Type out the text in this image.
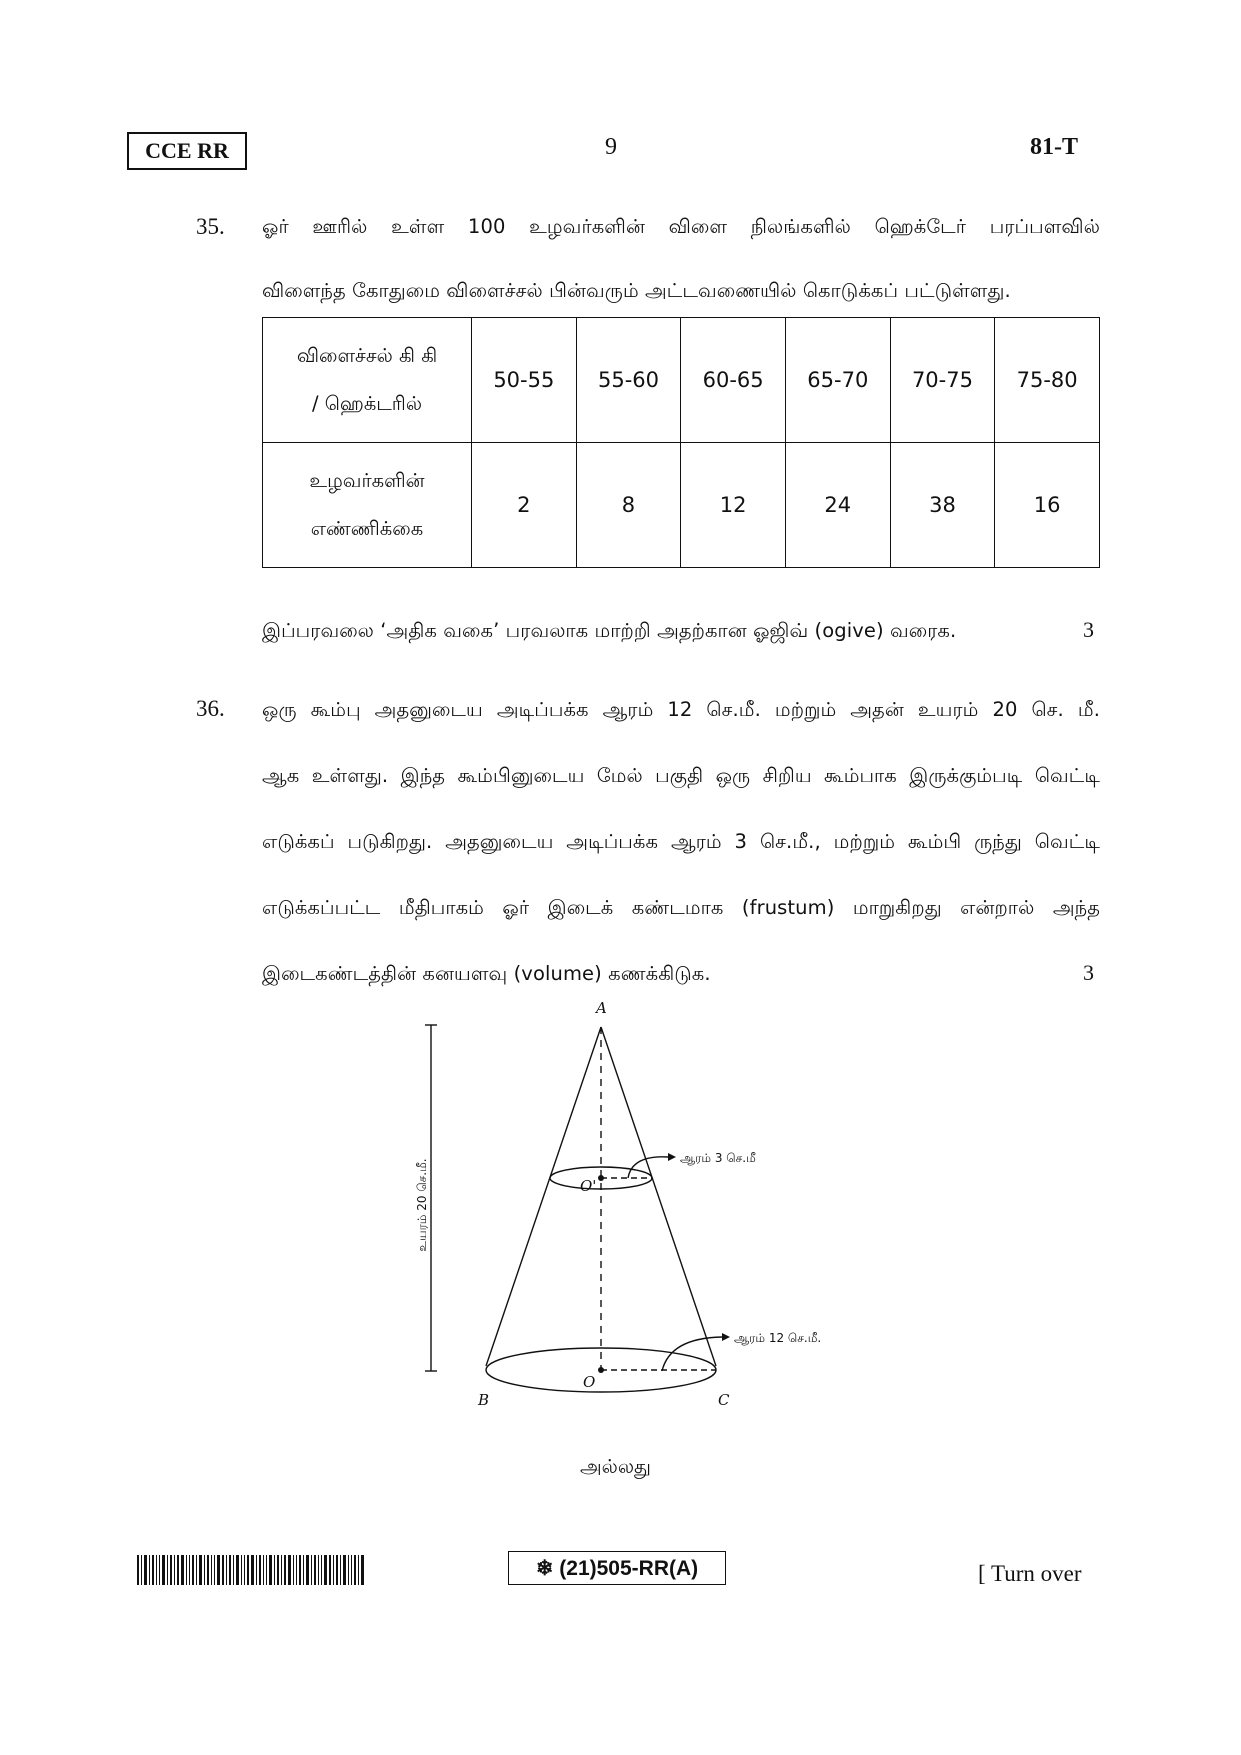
CCE RR	9	81-T
35. ஓர் ஊரில் உள்ள 100 உழவர்களின் விளை நிலங்களில் ஹெக்டேர் பரப்பளவில்
விளைந்த கோதுமை விளைச்சல் பின்வரும் அட்டவணையில் கொடுக்கப் பட்டுள்ளது.
விளைச்சல் கி கி
/ ஹெக்டரில்	50-55	55-60	60-65	65-70	70-75	75-80

உழவர்களின்
எண்ணிக்கை	2	8	12	24	38	16
இப்பரவலை ‘அதிக வகை’ பரவலாக மாற்றி அதற்கான ஓஜிவ் (ogive) வரைக.	3
36. ஒரு கூம்பு அதனுடைய அடிப்பக்க ஆரம் 12 செ.மீ. மற்றும் அதன் உயரம் 20 செ. மீ.
ஆக உள்ளது. இந்த கூம்பினுடைய மேல் பகுதி ஒரு சிறிய கூம்பாக இருக்கும்படி வெட்டி
எடுக்கப் படுகிறது. அதனுடைய அடிப்பக்க ஆரம் 3 செ.மீ., மற்றும் கூம்பி ருந்து வெட்டி
எடுக்கப்பட்ட மீதிபாகம் ஓர் இடைக் கண்டமாக (frustum) மாறுகிறது என்றால் அந்த
இடைகண்டத்தின் கனயளவு (volume) கணக்கிடுக.	3
A
B	C
O
O'
ஆரம் 3 செ.மீ
ஆரம் 12 செ.மீ.
உயரம் 20 செ.மீ.
அல்லது
❄ (21)505-RR(A)	[ Turn over
